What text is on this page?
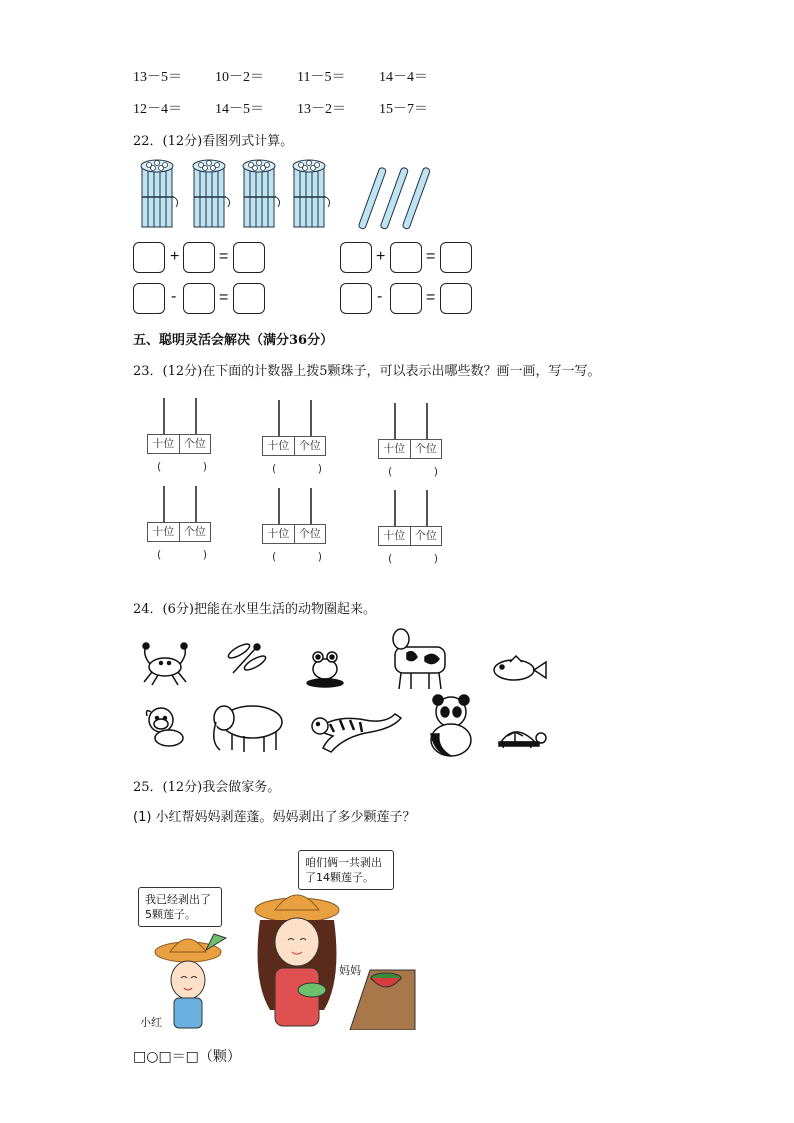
13－5＝ 10－2＝ 11－5＝ 14－4＝
12－4＝ 14－5＝ 13－2＝ 15－7＝
22．(12分)看图列式计算。
+ =
-	=
+	=
-	=
五、聪明灵活会解决（满分36分）
23．(12分)在下面的计数器上拨5颗珠子，可以表示出哪些数？画一画，写一写。
十位 个位
(	)
十位 个位
(	)
十位 个位
(	)
十位 个位
(	)
十位 个位
(	)
十位 个位
(	)
24．(6分)把能在水里生活的动物圈起来。
25．(12分)我会做家务。
(1) 小红帮妈妈剥莲蓬。妈妈剥出了多少颗莲子？
咱们俩一共剥出了14颗莲子。
我已经剥出了5颗莲子。
妈妈
小红
□○□＝□（颗）
